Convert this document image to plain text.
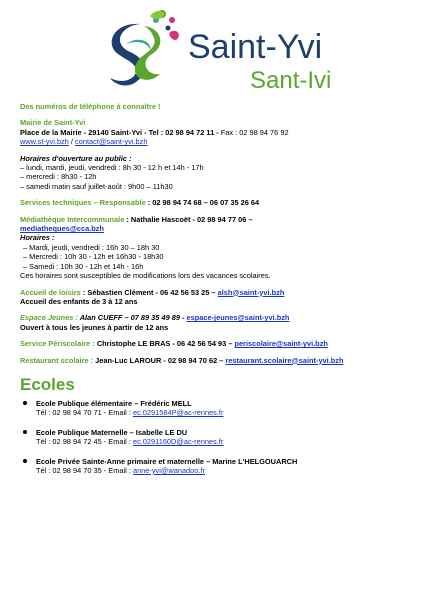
Saint-Yvi
Sant-Ivi
Des numéros de téléphone à connaître !
Mairie de Saint-Yvi
Place de la Mairie - 29140 Saint-Yvi - Tel : 02 98 94 72 11 - Fax : 02 98 94 76 92
www.st-yvi.bzh / contact@saint-yvi.bzh
Horaires d'ouverture au public :
– lundi, mardi, jeudi, vendredi : 8h 30 - 12 h et 14h - 17h
– mercredi : 8h30 - 12h
– samedi matin sauf juillet-août : 9h00 – 11h30
Services techniques – Responsable : 02 98 94 74 68 – 06 07 35 26 64
Médiathèque Intercommunale : Nathalie Hascoët - 02 98 94 77 06 –
mediatheques@cca.bzh
Horaires :
– Mardi, jeudi, vendredi : 16h 30 – 18h 30
– Mercredi : 10h 30 - 12h et 16h30 - 18h30
– Samedi : 10h 30 - 12h et 14h - 16h
Ces horaires sont susceptibles de modifications lors des vacances scolaires.
Accueil de loisirs : Sébastien Clément - 06 42 56 53 25 – alsh@saint-yvi.bzh
Accueil des enfants de 3 à 12 ans
Espace Jeunes : Alan CUEFF – 07 89 35 49 89 - espace-jeunes@saint-yvi.bzh
Ouvert à tous les jeunes à partir de 12 ans
Service Périscolaire : Christophe LE BRAS - 06 42 56 54 93 – periscolaire@saint-yvi.bzh
Restaurant scolaire : Jean-Luc LAROUR - 02 98 94 70 62 – restaurant.scolaire@saint-yvi.bzh
Ecoles
Ecole Publique élémentaire – Frédéric MELL
Tél : 02 98 94 70 71 - Email : ec.0291584P@ac-rennes.fr
Ecole Publique Maternelle – Isabelle LE DU
Tél : 02 98 94 72 45 - Email : ec.0291160D@ac-rennes.fr
Ecole Privée Sainte-Anne primaire et maternelle – Marine L'HELGOUARCH
Tél : 02 98 94 70 35 - Email : anne-yvi@wanadoo.fr
